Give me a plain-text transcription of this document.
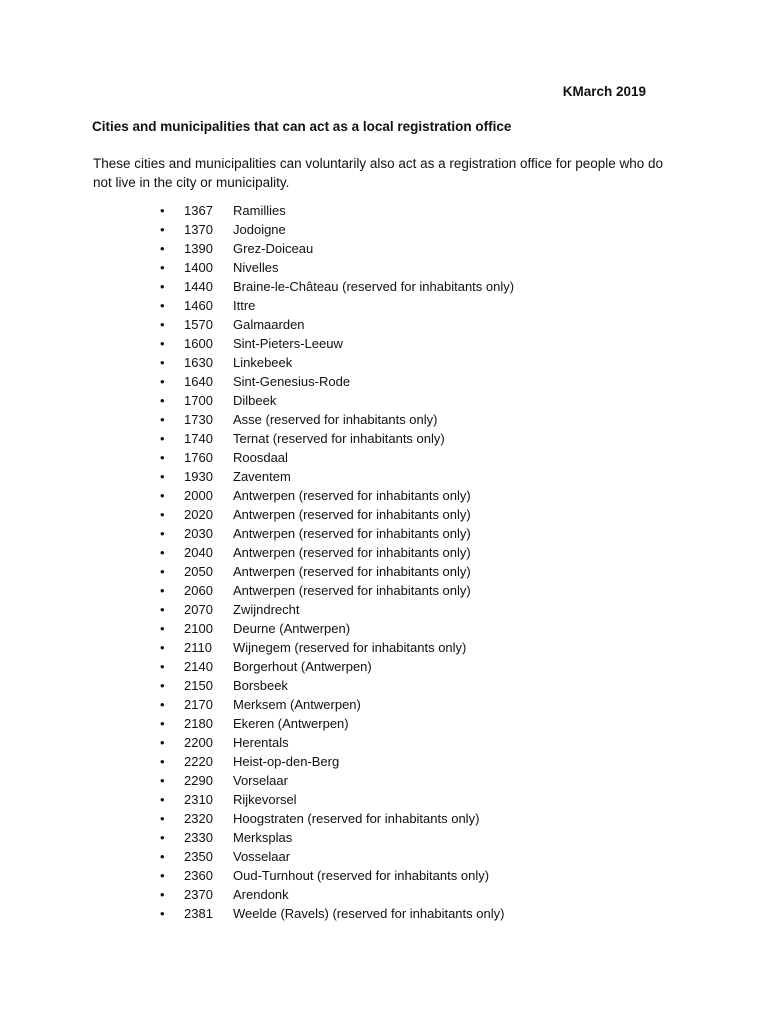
KMarch 2019
Cities and municipalities that can act as a local registration office
These cities and municipalities can voluntarily also act as a registration office for people who do not live in the city or municipality.
• 1367 Ramillies
• 1370 Jodoigne
• 1390 Grez-Doiceau
• 1400 Nivelles
• 1440 Braine-le-Château (reserved for inhabitants only)
• 1460 Ittre
• 1570 Galmaarden
• 1600 Sint-Pieters-Leeuw
• 1630 Linkebeek
• 1640 Sint-Genesius-Rode
• 1700 Dilbeek
• 1730 Asse (reserved for inhabitants only)
• 1740 Ternat (reserved for inhabitants only)
• 1760 Roosdaal
• 1930 Zaventem
• 2000 Antwerpen (reserved for inhabitants only)
• 2020 Antwerpen (reserved for inhabitants only)
• 2030 Antwerpen (reserved for inhabitants only)
• 2040 Antwerpen (reserved for inhabitants only)
• 2050 Antwerpen (reserved for inhabitants only)
• 2060 Antwerpen (reserved for inhabitants only)
• 2070 Zwijndrecht
• 2100 Deurne (Antwerpen)
• 2110 Wijnegem (reserved for inhabitants only)
• 2140 Borgerhout (Antwerpen)
• 2150 Borsbeek
• 2170 Merksem (Antwerpen)
• 2180 Ekeren (Antwerpen)
• 2200 Herentals
• 2220 Heist-op-den-Berg
• 2290 Vorselaar
• 2310 Rijkevorsel
• 2320 Hoogstraten (reserved for inhabitants only)
• 2330 Merksplas
• 2350 Vosselaar
• 2360 Oud-Turnhout (reserved for inhabitants only)
• 2370 Arendonk
• 2381 Weelde (Ravels) (reserved for inhabitants only)
